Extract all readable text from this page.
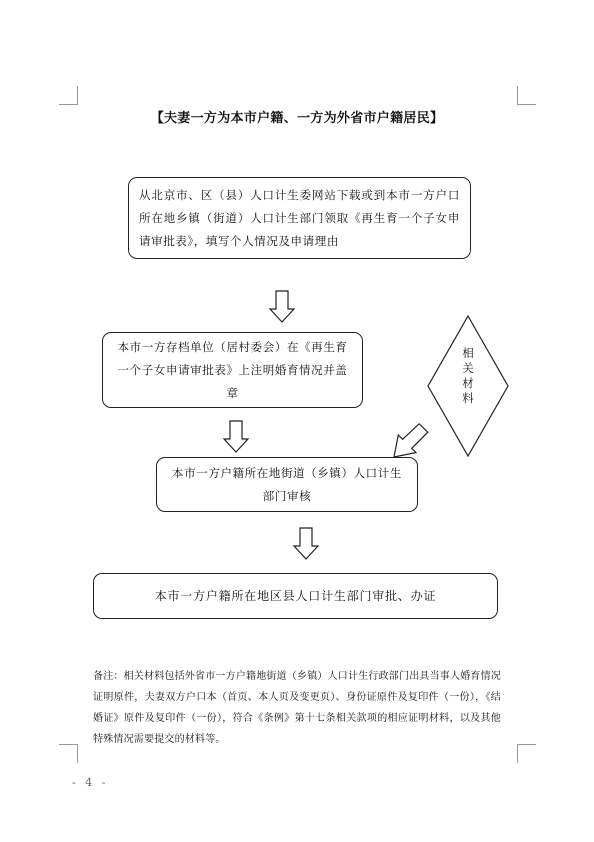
【夫妻一方为本市户籍、一方为外省市户籍居民】
从北京市、区（县）人口计生委网站下载或到本市一方户口所在地乡镇（街道）人口计生部门领取《再生育一个子女申请审批表》，填写个人情况及申请理由
本市一方存档单位（居村委会）在《再生育一个子女申请审批表》上注明婚育情况并盖章
本市一方户籍所在地街道（乡镇）人口计生部门审核
本市一方户籍所在地区县人口计生部门审批、办证
相关材料
备注：相关材料包括外省市一方户籍地街道（乡镇）人口计生行政部门出具当事人婚育情况证明原件，夫妻双方户口本（首页、本人页及变更页）、身份证原件及复印件（一份），《结婚证》原件及复印件（一份），符合《条例》第十七条相关款项的相应证明材料，以及其他特殊情况需要提交的材料等。
- 4 -
